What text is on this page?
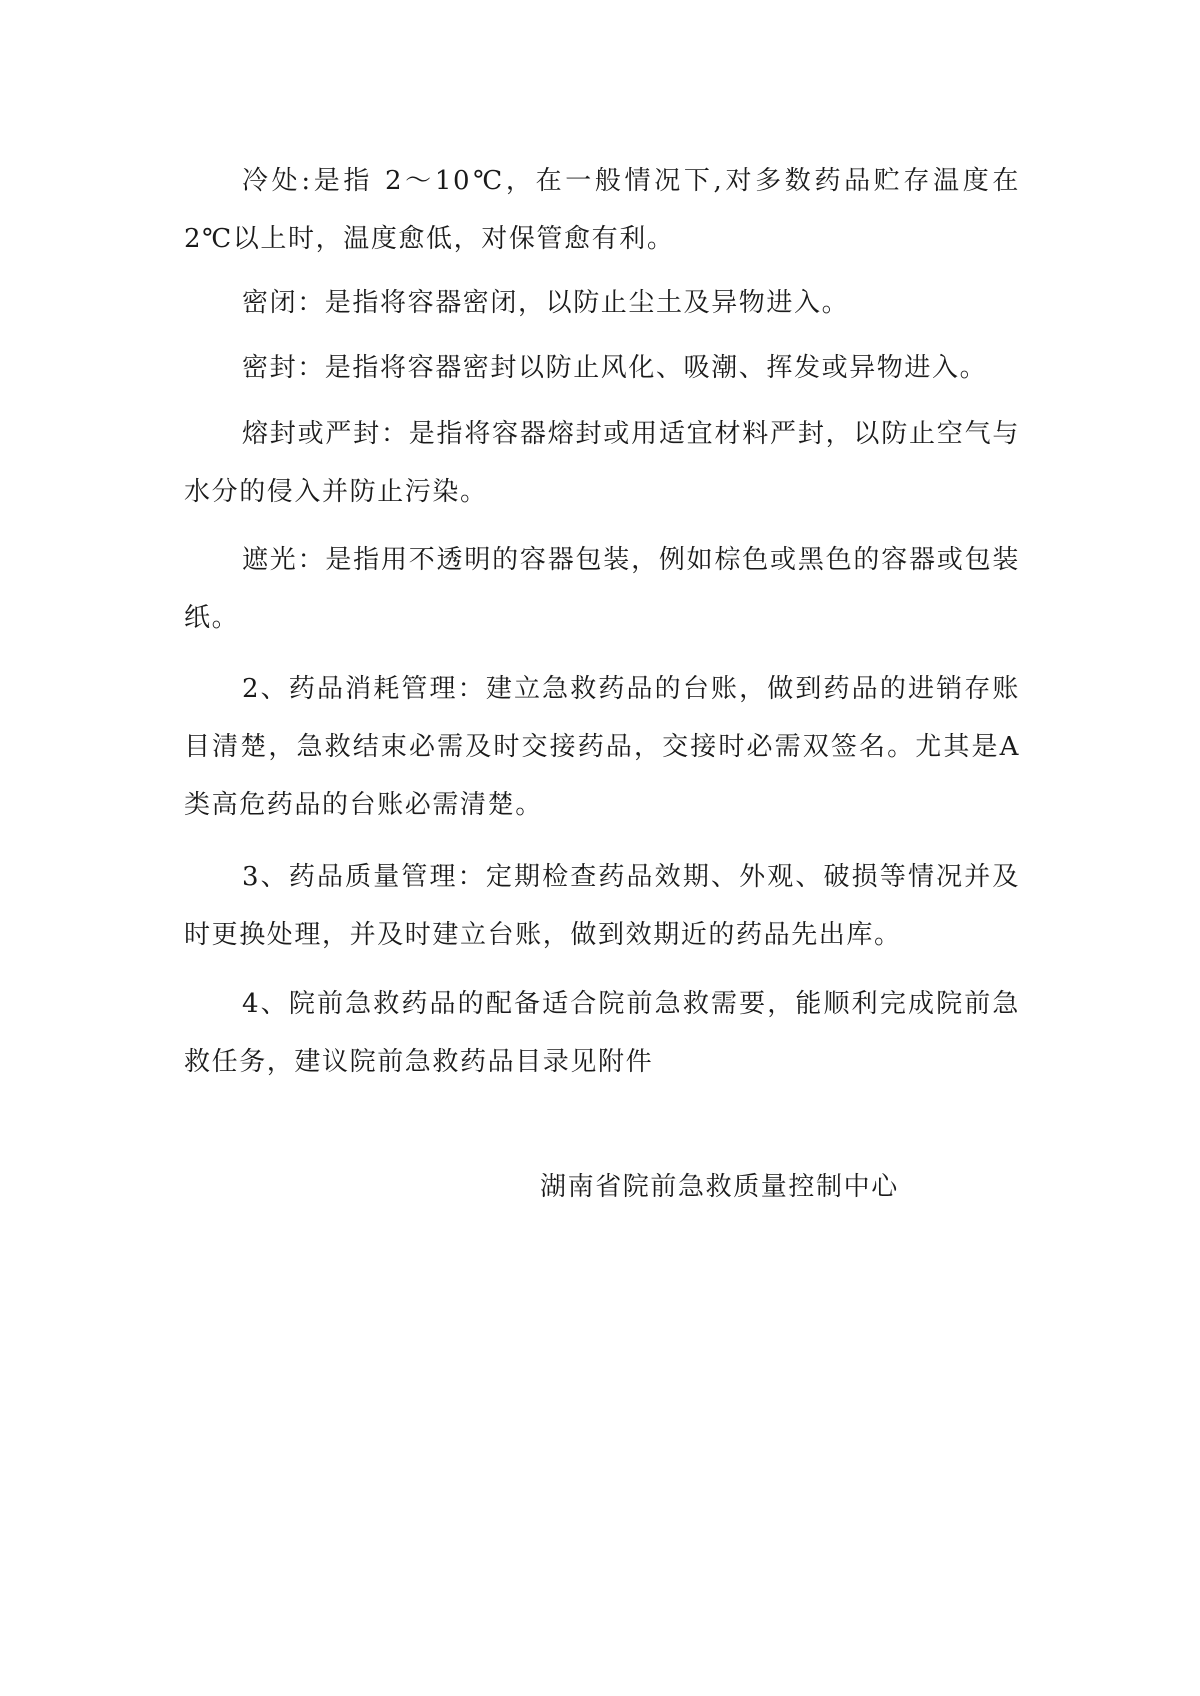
冷处:是指 2～10℃，在一般情况下,对多数药品贮存温度在 2℃以上时，温度愈低，对保管愈有利。

密闭：是指将容器密闭，以防止尘土及异物进入。

密封：是指将容器密封以防止风化、吸潮、挥发或异物进入。

熔封或严封：是指将容器熔封或用适宜材料严封，以防止空气与水分的侵入并防止污染。

遮光：是指用不透明的容器包装，例如棕色或黑色的容器或包装纸。

2、药品消耗管理：建立急救药品的台账，做到药品的进销存账目清楚，急救结束必需及时交接药品，交接时必需双签名。尤其是A类高危药品的台账必需清楚。

3、药品质量管理：定期检查药品效期、外观、破损等情况并及时更换处理，并及时建立台账，做到效期近的药品先出库。

4、院前急救药品的配备适合院前急救需要，能顺利完成院前急救任务，建议院前急救药品目录见附件

湖南省院前急救质量控制中心
